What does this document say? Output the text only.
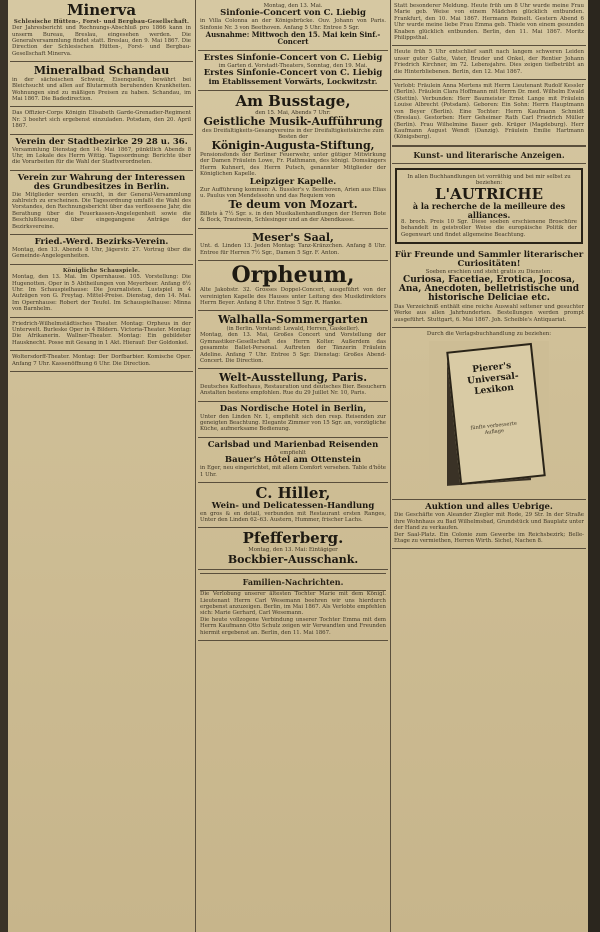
Minerva
Schlesische Hütten-, Forst- und Bergbau-Gesellschaft.
Der Jahresbericht und Rechnungs-Abschluß pro 1866 kann in unserm Bureau, Breslau, eingesehen werden. Die Generalversammlung findet statt. Breslau, den 9. Mai 1867. Die Direction der Schlesischen Hütten-, Forst- und Bergbau-Gesellschaft Minerva.
Mineralbad Schandau
in der sächsischen Schweiz, Eisenquelle, bewährt bei Bleichsucht und allen auf Blutarmuth beruhenden Krankheiten. Wohnungen sind zu mäßigen Preisen zu haben. Schandau, im Mai 1867. Die Badedirection.
Das Offizier-Corps Königin Elisabeth Garde-Grenadier-Regiment Nr. 3 beehrt sich ergebenst einzuladen. Potsdam, den 20. April 1867.
Verein der Stadtbezirke 29 28 u. 36.
Versammlung Dienstag den 14. Mai 1867, pünktlich Abends 8 Uhr, im Lokale des Herrn Wittig. Tagesordnung: Berichte über die Vorarbeiten für die Wahl der Stadtverordneten.
Verein zur Wahrung der Interessen des Grundbesitzes in Berlin.
Die Mitglieder werden ersucht, in der General-Versammlung zahlreich zu erscheinen. Die Tagesordnung umfaßt die Wahl des Vorstandes, den Rechnungsbericht über das verflossene Jahr, die Berathung über die Feuerkassen-Angelegenheit sowie die Beschlußfassung über eingegangene Anträge der Bezirksvereine.
Fried.-Werd. Bezirks-Verein.
Montag, den 13. Abends 8 Uhr, Jägerstr. 27. Vortrag über die Gemeinde-Angelegenheiten.
Königliche Schauspiele.
Montag, den 13. Mai. Im Opernhause. 105. Vorstellung: Die Hugenotten. Oper in 5 Abtheilungen von Meyerbeer. Anfang 6½ Uhr. Im Schauspielhause: Die Journalisten. Lustspiel in 4 Aufzügen von G. Freytag. Mittel-Preise. Dienstag, den 14. Mai. Im Opernhause: Robert der Teufel. Im Schauspielhause: Minna von Barnhelm.
Friedrich-Wilhelmstädtisches Theater. Montag: Orpheus in der Unterwelt. Burleske Oper in 4 Bildern. Victoria-Theater. Montag: Die Afrikanerin. Wallner-Theater. Montag: Ein gebildeter Hausknecht. Posse mit Gesang in 1 Akt. Hierauf: Der Goldonkel.
Woltersdorff-Theater. Montag: Der Dorfbarbier. Komische Oper. Anfang 7 Uhr. Kassenöffnung 6 Uhr. Die Direction.
Montag, den 13. Mai.
Sinfonie-Concert von C. Liebig
in Villa Colonna an der Königsbrücke. Ouv. Johann von Paris. Sinfonie Nr. 3 von Beethoven. Anfang 5 Uhr. Entree 5 Sgr.
Ausnahme: Mittwoch den 15. Mai kein Sinf.-Concert
Erstes Sinfonie-Concert von C. Liebig
im Garten d. Vorstadt-Theaters, Sonntag, den 19. Mai.
Erstes Sinfonie-Concert von C. Liebig
im Etablissement Vorwärts, Lockwitzstr.
Am Busstage,
den 15. Mai, Abends 7 Uhr:
Geistliche Musik-Aufführung
des Dreifaltigkeits-Gesangvereins in der Dreifaltigkeitskirche zum Besten der
Königin-Augusta-Stiftung,
Pensionsfonds der Berliner Feuerwehr, unter gütiger Mitwirkung der Damen Fräulein Lowe, Fr. Plathmann, des königl. Domsängers Herrn Kuhnert, des Herrn Putsch, genannter Mitglieder der Königlichen Kapelle.
Leipziger Kapelle.
Zur Aufführung kommen: A. Bussler's v. Beethoven, Arien aus Elias u. Paulus von Mendelssohn und das Requiem von
Te deum von Mozart.
Billets à 7½ Sgr. s. in den Musikalienhandlungen der Herren Bote & Bock, Trautwein, Schlesinger und an der Abendkasse.
Meser's Saal,
Unt. d. Linden 13. Jeden Montag: Tanz-Kränzchen. Anfang 8 Uhr. Entree für Herren 7½ Sgr., Damen 5 Sgr. F. Anton.
Orpheum,
Alte Jakobstr. 32. Grosses Doppel-Concert, ausgeführt von der vereinigten Kapelle des Hauses unter Leitung des Musikdirektors Herrn Beyer. Anfang 8 Uhr. Entree 5 Sgr. R. Hanke.
Walhalla-Sommergarten
(in Berlin. Vorstand: Lewald, Herren, Gaskeller).
Montag, den 13. Mai, Großes Concert und Vorstellung der Gymnastiker-Gesellschaft des Herrn Kolter. Außerdem das gesammte Ballet-Personal. Auftreten der Tänzerin Fräulein Adeline. Anfang 7 Uhr. Entree 5 Sgr. Dienstag: Großes Abend-Concert. Die Direction.
Welt-Ausstellung, Paris.
Deutsches Kaffeehaus, Restauration und deutsches Bier. Besuchern Anstalten bestens empfohlen. Rue du 29 Juillet Nr. 10, Paris.
Das Nordische Hotel in Berlin,
Unter den Linden Nr. 1, empfiehlt sich den resp. Reisenden zur geneigten Beachtung. Elegante Zimmer von 15 Sgr. an, vorzügliche Küche, aufmerksame Bedienung.
Carlsbad und Marienbad Reisenden
empfiehlt
Bauer's Hôtel am Ottenstein
in Eger, neu eingerichtet, mit allem Comfort versehen. Table d'hôte 1 Uhr.
C. Hiller,
Wein- und Delicatessen-Handlung
en gros & en detail, verbunden mit Restaurant ersten Ranges, Unter den Linden 62–63. Austern, Hummer, frischer Lachs.
Pfefferberg.
Montag, den 13. Mai: Eintägiger
Bockbier-Ausschank.
Familien-Nachrichten.
Die Verlobung unserer ältesten Tochter Marie mit dem Königl. Lieutenant Herrn Carl Wesemann beehren wir uns hierdurch ergebenst anzuzeigen. Berlin, im Mai 1867. Als Verlobte empfehlen sich: Marie Gerhard, Carl Wesemann.
Die heute vollzogene Verbindung unserer Tochter Emma mit dem Herrn Kaufmann Otto Schulz zeigen wir Verwandten und Freunden hiermit ergebenst an. Berlin, den 11. Mai 1867.
Statt besonderer Meldung. Heute früh um 8 Uhr wurde meine Frau Marie geb. Weise von einem Mädchen glücklich entbunden. Frankfurt, den 10. Mai 1867. Hermann Reinelt. Gestern Abend 6 Uhr wurde meine liebe Frau Emma geb. Thiele von einem gesunden Knaben glücklich entbunden. Berlin, den 11. Mai 1867. Moritz Philippsthal.
Heute früh 5 Uhr entschlief sanft nach langem schweren Leiden unser guter Gatte, Vater, Bruder und Onkel, der Rentier Johann Friedrich Kirchner, im 72. Lebensjahre. Dies zeigen tiefbetrübt an die Hinterbliebenen. Berlin, den 12. Mai 1867.
Verlobt: Fräulein Anna Mertens mit Herrn Lieutenant Rudolf Kessler (Berlin). Fräulein Clara Hoffmann mit Herrn Dr. med. Wilhelm Ewald (Stettin). Verbunden: Herr Baumeister Ernst Lange mit Fräulein Louise Albrecht (Potsdam). Geboren: Ein Sohn: Herrn Hauptmann von Beyer (Berlin). Eine Tochter: Herrn Kaufmann Schmidt (Breslau). Gestorben: Herr Geheimer Rath Carl Friedrich Müller (Berlin). Frau Wilhelmine Bauer geb. Krüger (Magdeburg). Herr Kaufmann August Wendt (Danzig). Fräulein Emilie Hartmann (Königsberg).
Kunst- und literarische Anzeigen.
In allen Buchhandlungen ist vorräthig und bei mir selbst zu beziehen:
L'AUTRICHE
à la recherche de la meilleure des alliances.
8. broch. Preis 10 Sgr. Diese soeben erschienene Broschüre behandelt in geistvoller Weise die europäische Politik der Gegenwart und findet allgemeine Beachtung.
Für Freunde und Sammler literarischer Curiositäten!
Soeben erschien und steht gratis zu Diensten:
Curiosa, Facetiae, Erotica, Jocosa, Ana, Anecdoten, belletristische und historische Deliciae etc.
Das Verzeichniß enthält eine reiche Auswahl seltener und gesuchter Werke aus allen Jahrhunderten. Bestellungen werden prompt ausgeführt. Stuttgart, 6. Mai 1867. Joh. Scheible's Antiquariat.
Durch die Verlagsbuchhandlung zu beziehen:
Pierer's Universal-Lexikon
fünfte verbesserte Auflage
Auktion und alles Uebrige.
Die Geschäfte von Aleander Ziegler mit Rode, 29 Str. In der Straße ihre Wohnhaus zu Bad Wilhelmsbad, Grundstück und Bauplatz unter der Hand zu verkaufen.
Der Saal-Platz. Ein Colonie zum Gewerbe im Reichsbezirk; Belle-Etage zu vermiethen, Herren Wirth. Sichel, Nachen 8.
